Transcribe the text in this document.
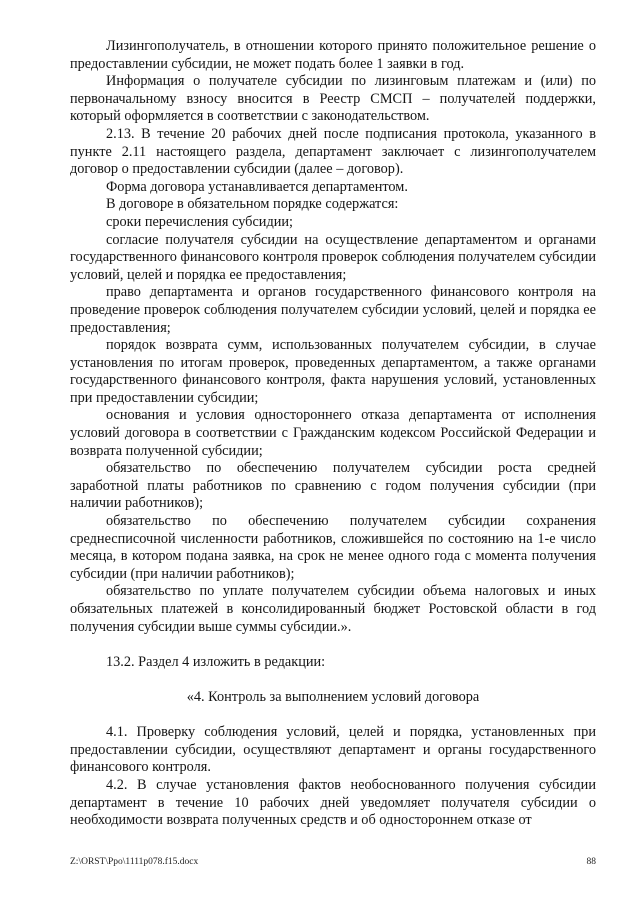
Лизингополучатель, в отношении которого принято положительное решение о предоставлении субсидии, не может подать более 1 заявки в год.

Информация о получателе субсидии по лизинговым платежам и (или) по первоначальному взносу вносится в Реестр СМСП – получателей поддержки, который оформляется в соответствии с законодательством.

2.13. В течение 20 рабочих дней после подписания протокола, указанного в пункте 2.11 настоящего раздела, департамент заключает с лизингополучателем договор о предоставлении субсидии (далее – договор).

Форма договора устанавливается департаментом.

В договоре в обязательном порядке содержатся:

сроки перечисления субсидии;

согласие получателя субсидии на осуществление департаментом и органами государственного финансового контроля проверок соблюдения получателем субсидии условий, целей и порядка ее предоставления;

право департамента и органов государственного финансового контроля на проведение проверок соблюдения получателем субсидии условий, целей и порядка ее предоставления;

порядок возврата сумм, использованных получателем субсидии, в случае установления по итогам проверок, проведенных департаментом, а также органами государственного финансового контроля, факта нарушения условий, установленных при предоставлении субсидии;

основания и условия одностороннего отказа департамента от исполнения условий договора в соответствии с Гражданским кодексом Российской Федерации и возврата полученной субсидии;

обязательство по обеспечению получателем субсидии роста средней заработной платы работников по сравнению с годом получения субсидии (при наличии работников);

обязательство по обеспечению получателем субсидии сохранения среднесписочной численности работников, сложившейся по состоянию на 1-е число месяца, в котором подана заявка, на срок не менее одного года с момента получения субсидии (при наличии работников);

обязательство по уплате получателем субсидии объема налоговых и иных обязательных платежей в консолидированный бюджет Ростовской области в год получения субсидии выше суммы субсидии.».

13.2. Раздел 4 изложить в редакции:

«4. Контроль за выполнением условий договора

4.1. Проверку соблюдения условий, целей и порядка, установленных при предоставлении субсидии, осуществляют департамент и органы государственного финансового контроля.

4.2. В случае установления фактов необоснованного получения субсидии департамент в течение 10 рабочих дней уведомляет получателя субсидии о необходимости возврата полученных средств и об одностороннем отказе от

Z:\ORST\Ppo\1111p078.f15.docx	88
